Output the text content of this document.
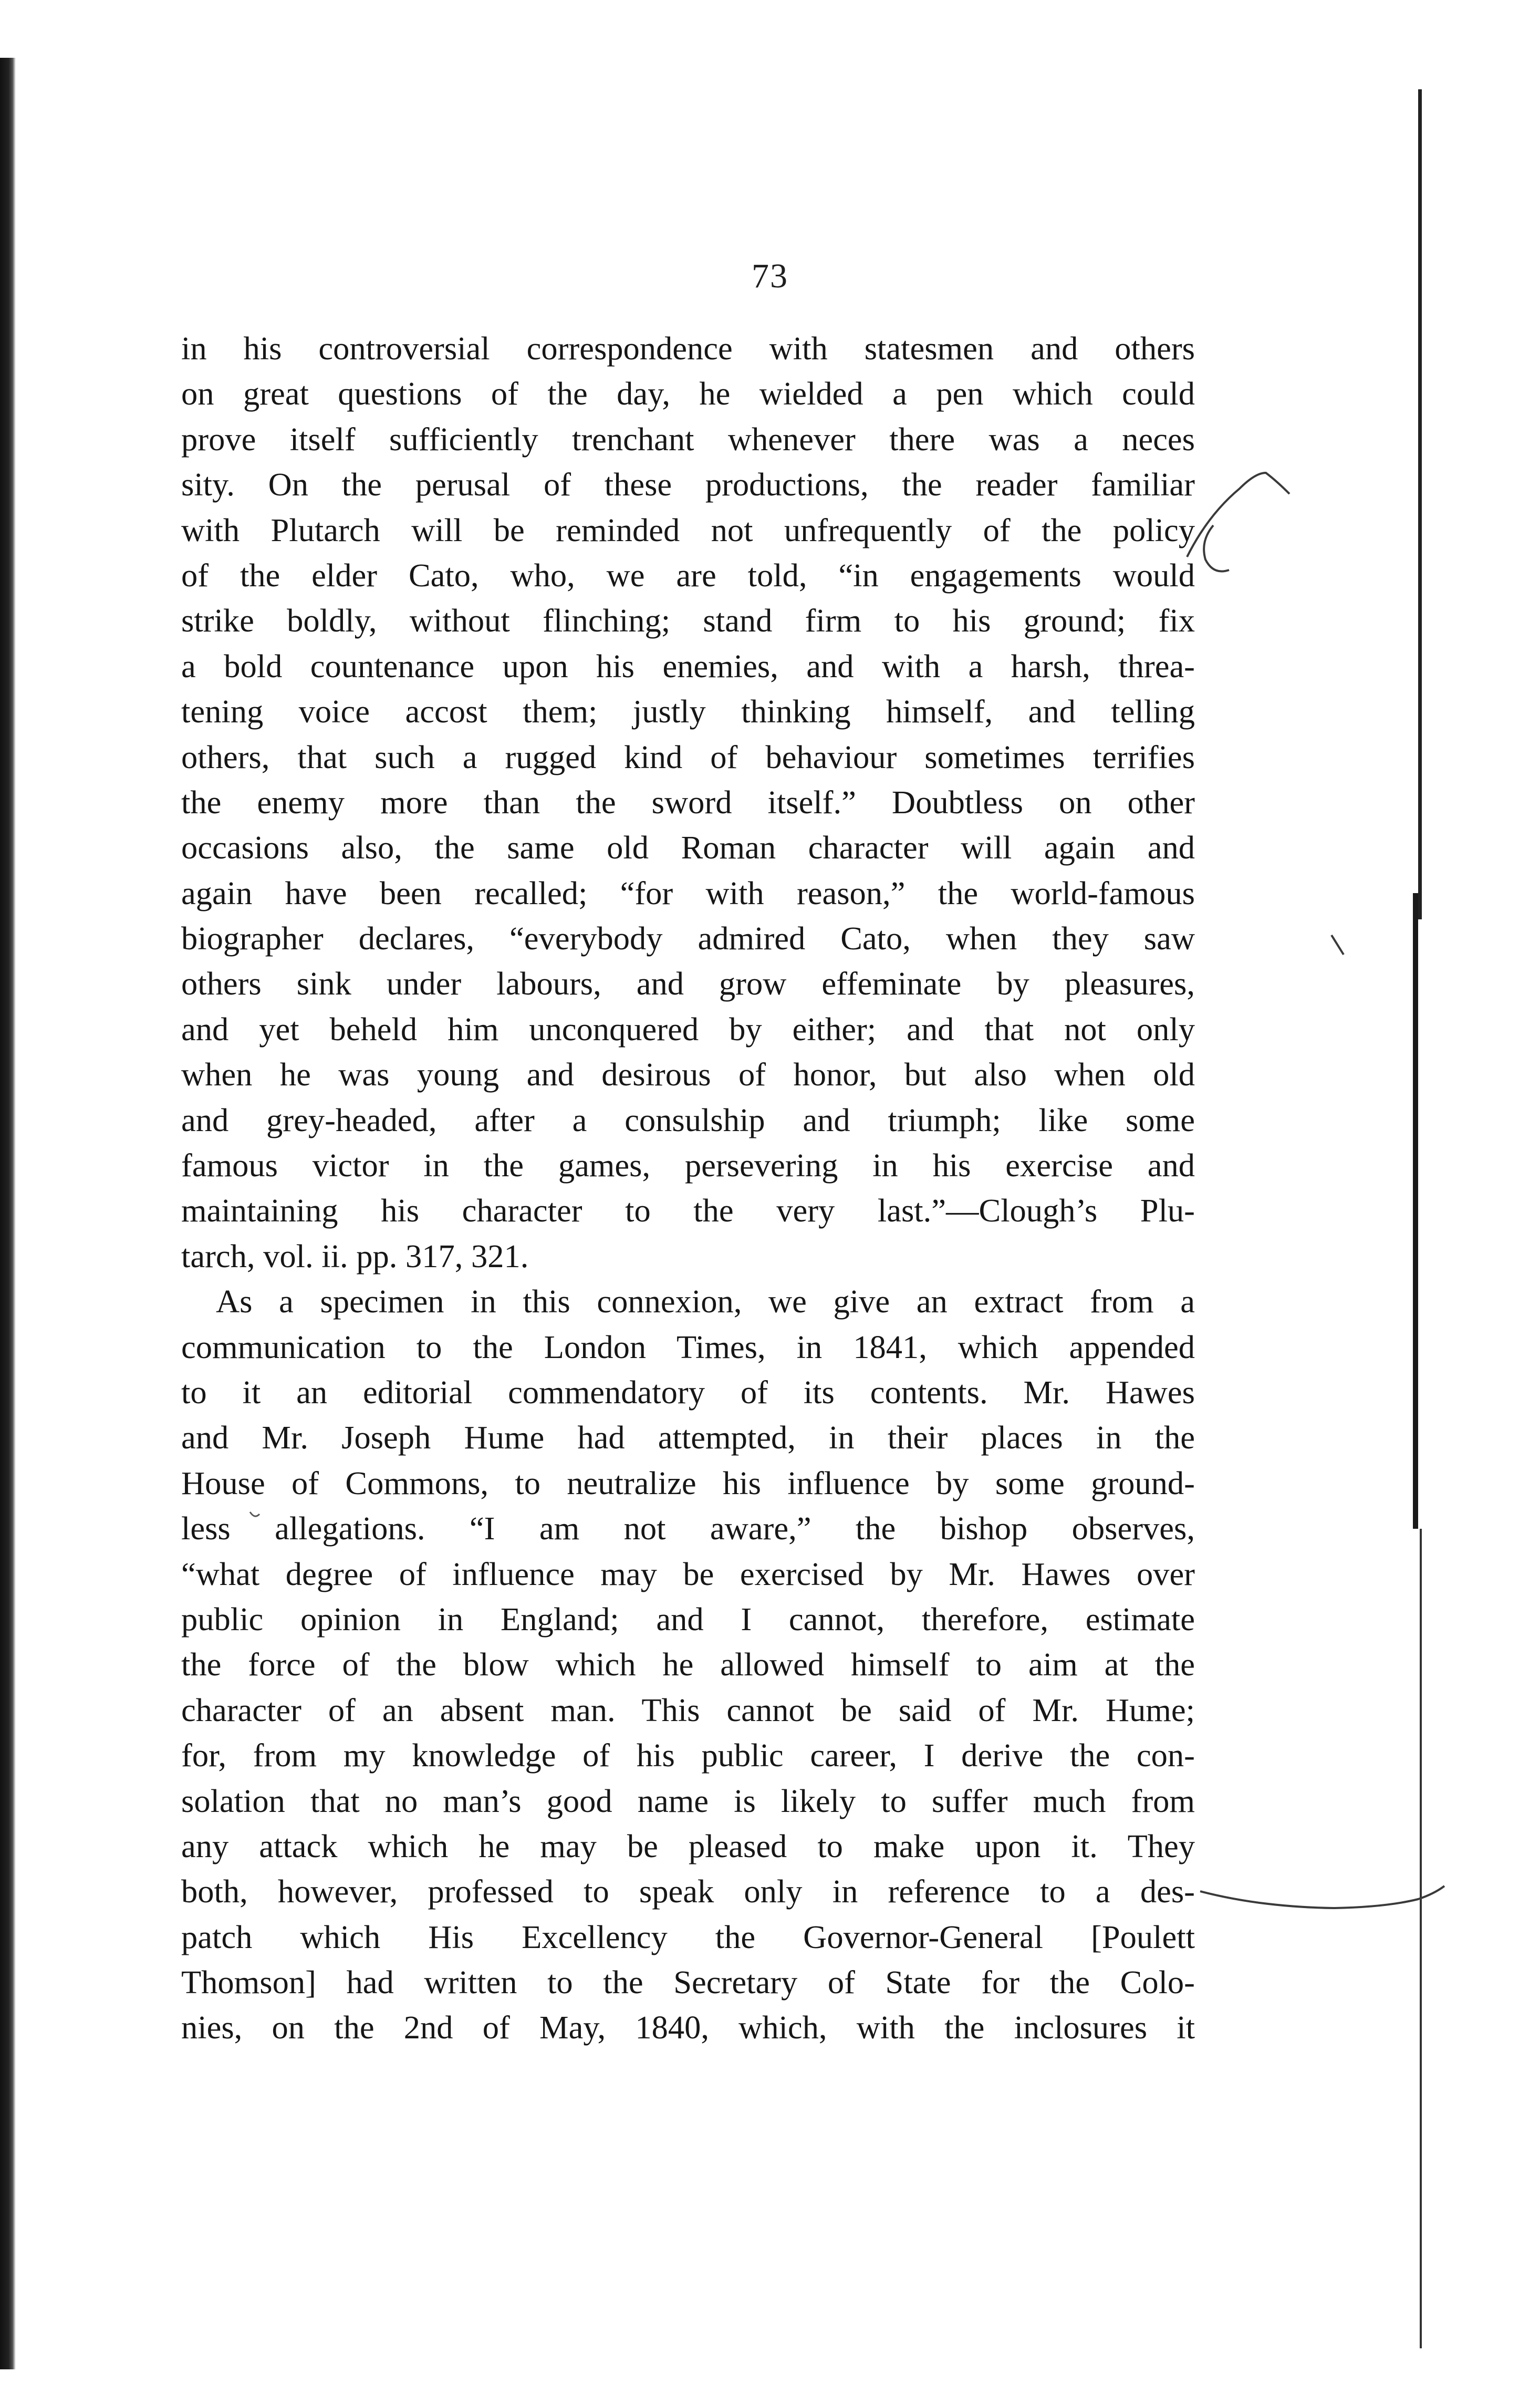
73
in his controversial correspondence with statesmen and others
on great questions of the day, he wielded a pen which could
prove itself sufficiently trenchant whenever there was a neces
sity. On the perusal of these productions, the reader familiar
with Plutarch will be reminded not unfrequently of the policy
of the elder Cato, who, we are told, “in engagements would
strike boldly, without flinching; stand firm to his ground; fix
a bold countenance upon his enemies, and with a harsh, threa-
tening voice accost them; justly thinking himself, and telling
others, that such a rugged kind of behaviour sometimes terrifies
the enemy more than the sword itself.” Doubtless on other
occasions also, the same old Roman character will again and
again have been recalled; “for with reason,” the world-famous
biographer declares, “everybody admired Cato, when they saw
others sink under labours, and grow effeminate by pleasures,
and yet beheld him unconquered by either; and that not only
when he was young and desirous of honor, but also when old
and grey-headed, after a consulship and triumph; like some
famous victor in the games, persevering in his exercise and
maintaining his character to the very last.”—Clough’s Plu-
tarch, vol. ii. pp. 317, 321.
As a specimen in this connexion, we give an extract from a
communication to the London Times, in 1841, which appended
to it an editorial commendatory of its contents. Mr. Hawes
and Mr. Joseph Hume had attempted, in their places in the
House of Commons, to neutralize his influence by some ground-
less allegations. “I am not aware,” the bishop observes,
“what degree of influence may be exercised by Mr. Hawes over
public opinion in England; and I cannot, therefore, estimate
the force of the blow which he allowed himself to aim at the
character of an absent man. This cannot be said of Mr. Hume;
for, from my knowledge of his public career, I derive the con-
solation that no man’s good name is likely to suffer much from
any attack which he may be pleased to make upon it. They
both, however, professed to speak only in reference to a des-
patch which His Excellency the Governor-General [Poulett
Thomson] had written to the Secretary of State for the Colo-
nies, on the 2nd of May, 1840, which, with the inclosures it
